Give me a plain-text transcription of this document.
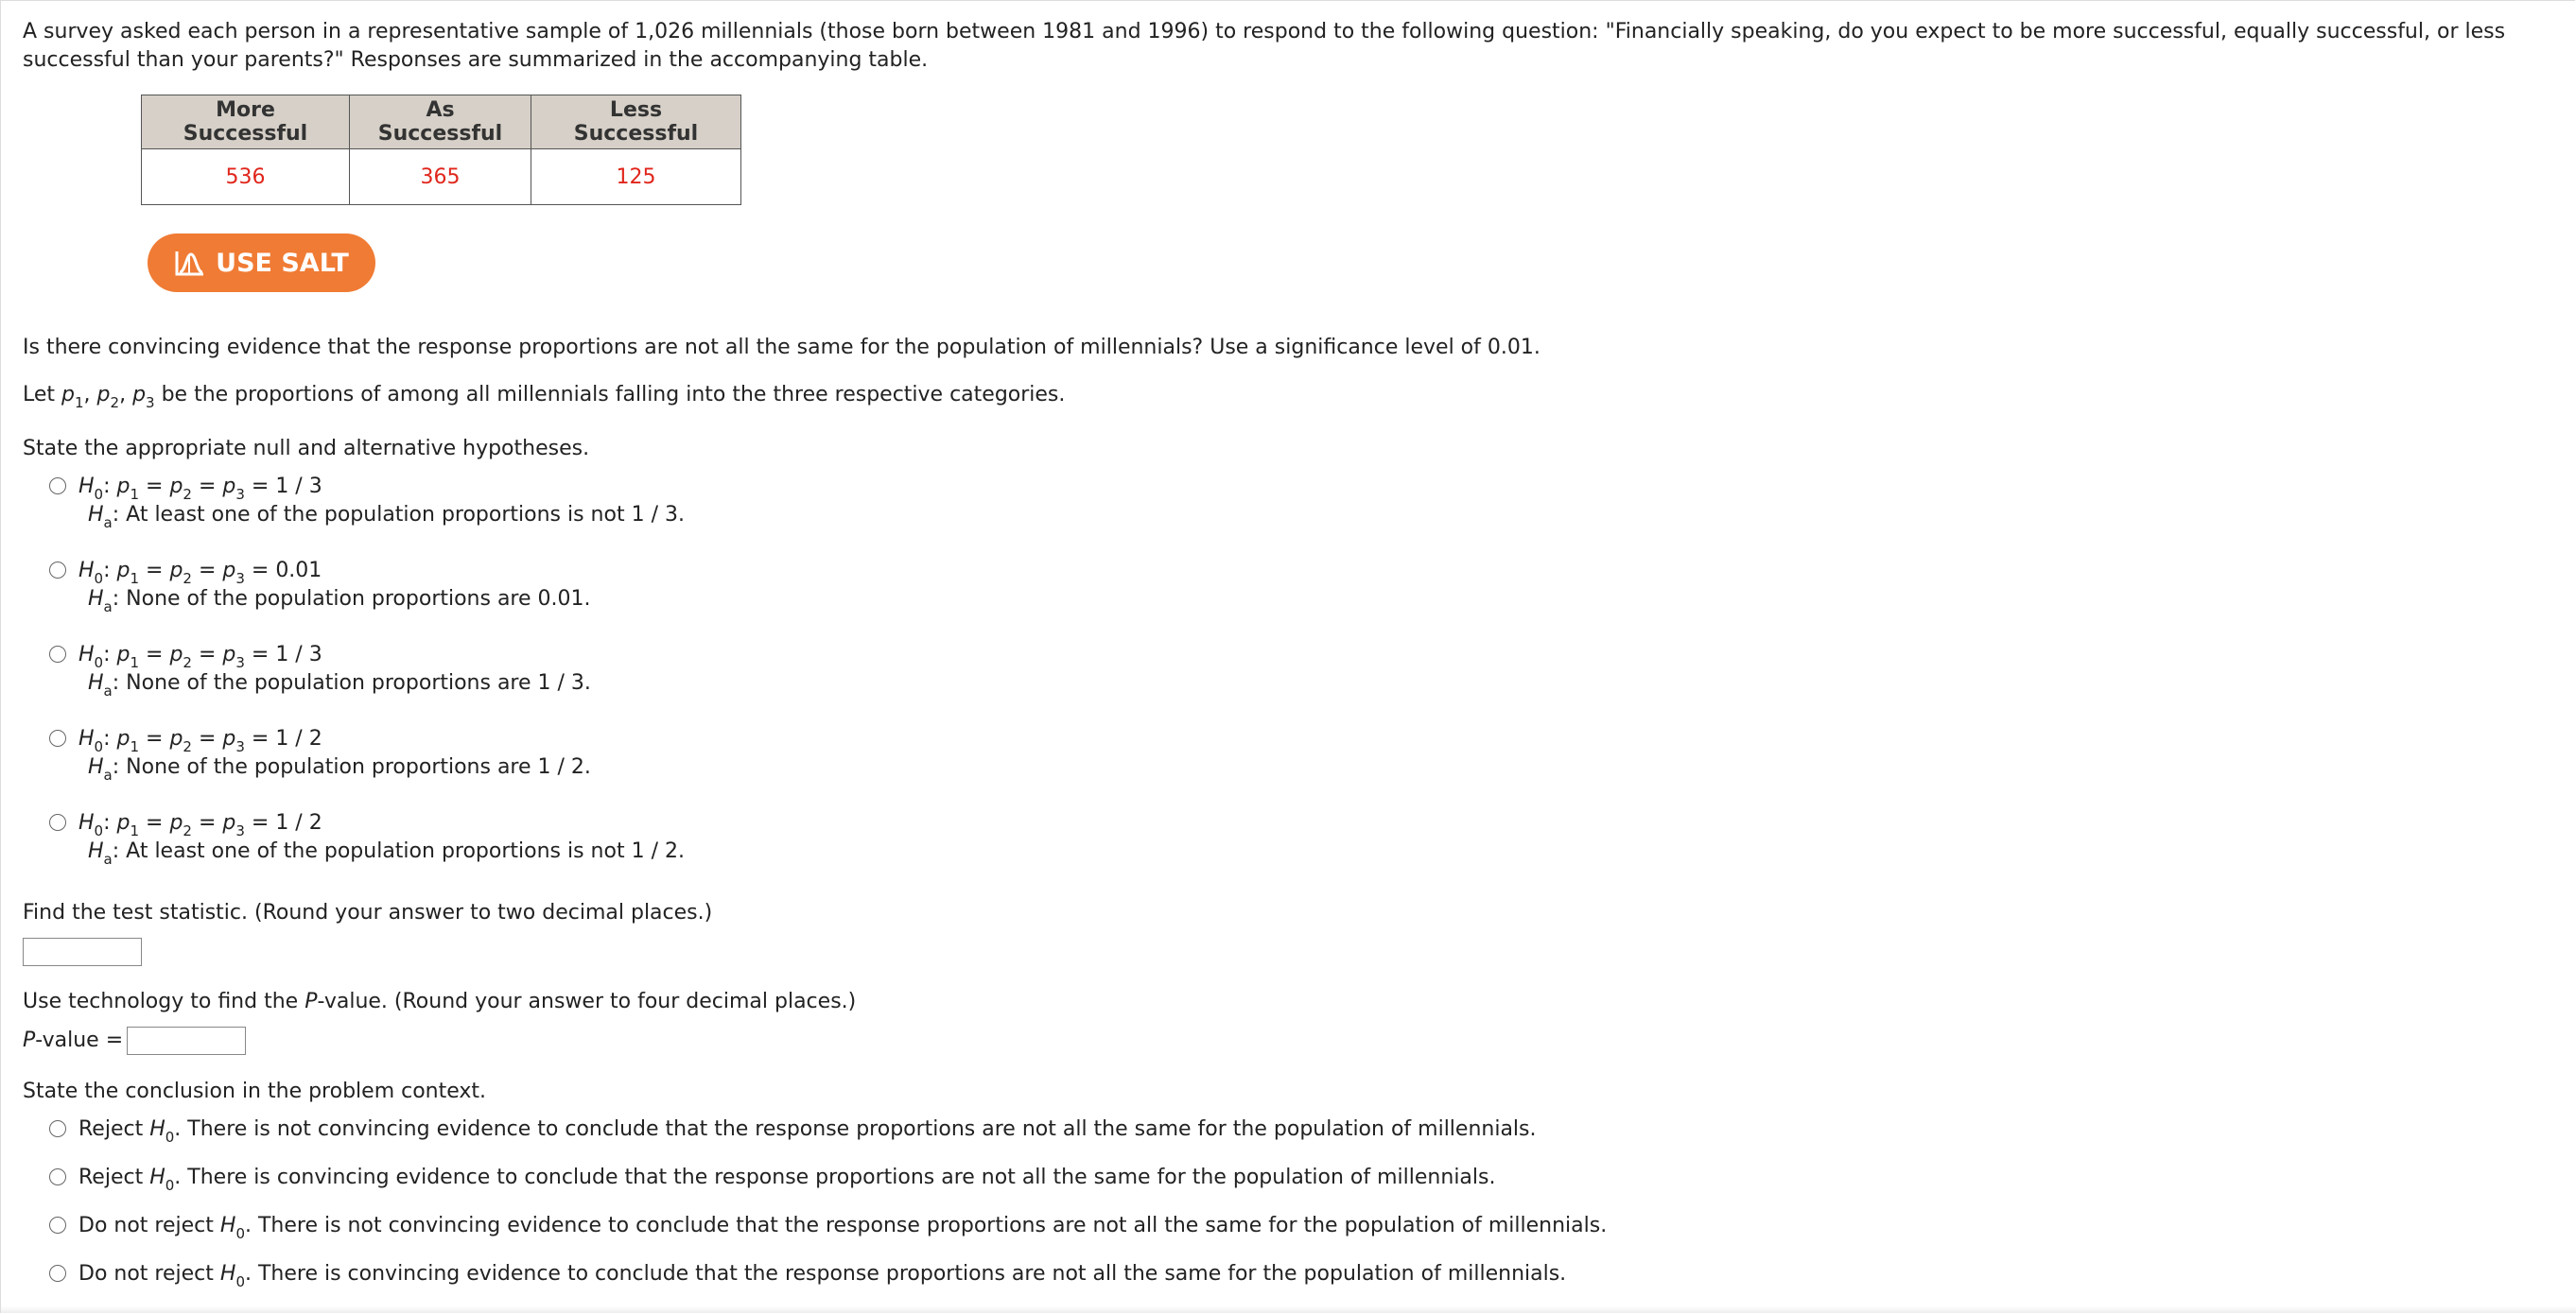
A survey asked each person in a representative sample of 1,026 millennials (those born between 1981 and 1996) to respond to the following question: "Financially speaking, do you expect to be more successful, equally successful, or less successful than your parents?" Responses are summarized in the accompanying table.
More Successful	As Successful	Less Successful
536	365	125
USE SALT
Is there convincing evidence that the response proportions are not all the same for the population of millennials? Use a significance level of 0.01.
Let $p_1$, $p_2$, $p_3$ be the proportions of among all millennials falling into the three respective categories.
State the appropriate null and alternative hypotheses.
$H_0$: $p_1 = p_2 = p_3 = 1 / 3$
$H_a$: At least one of the population proportions is not 1 / 3.
$H_0$: $p_1 = p_2 = p_3 = 0.01$
$H_a$: None of the population proportions are 0.01.
$H_0$: $p_1 = p_2 = p_3 = 1 / 3$
$H_a$: None of the population proportions are 1 / 3.
$H_0$: $p_1 = p_2 = p_3 = 1 / 2$
$H_a$: None of the population proportions are 1 / 2.
$H_0$: $p_1 = p_2 = p_3 = 1 / 2$
$H_a$: At least one of the population proportions is not 1 / 2.
Find the test statistic. (Round your answer to two decimal places.)
Use technology to find the P-value. (Round your answer to four decimal places.)
P-value =
State the conclusion in the problem context.
Reject $H_0$. There is not convincing evidence to conclude that the response proportions are not all the same for the population of millennials.
Reject $H_0$. There is convincing evidence to conclude that the response proportions are not all the same for the population of millennials.
Do not reject $H_0$. There is not convincing evidence to conclude that the response proportions are not all the same for the population of millennials.
Do not reject $H_0$. There is convincing evidence to conclude that the response proportions are not all the same for the population of millennials.
